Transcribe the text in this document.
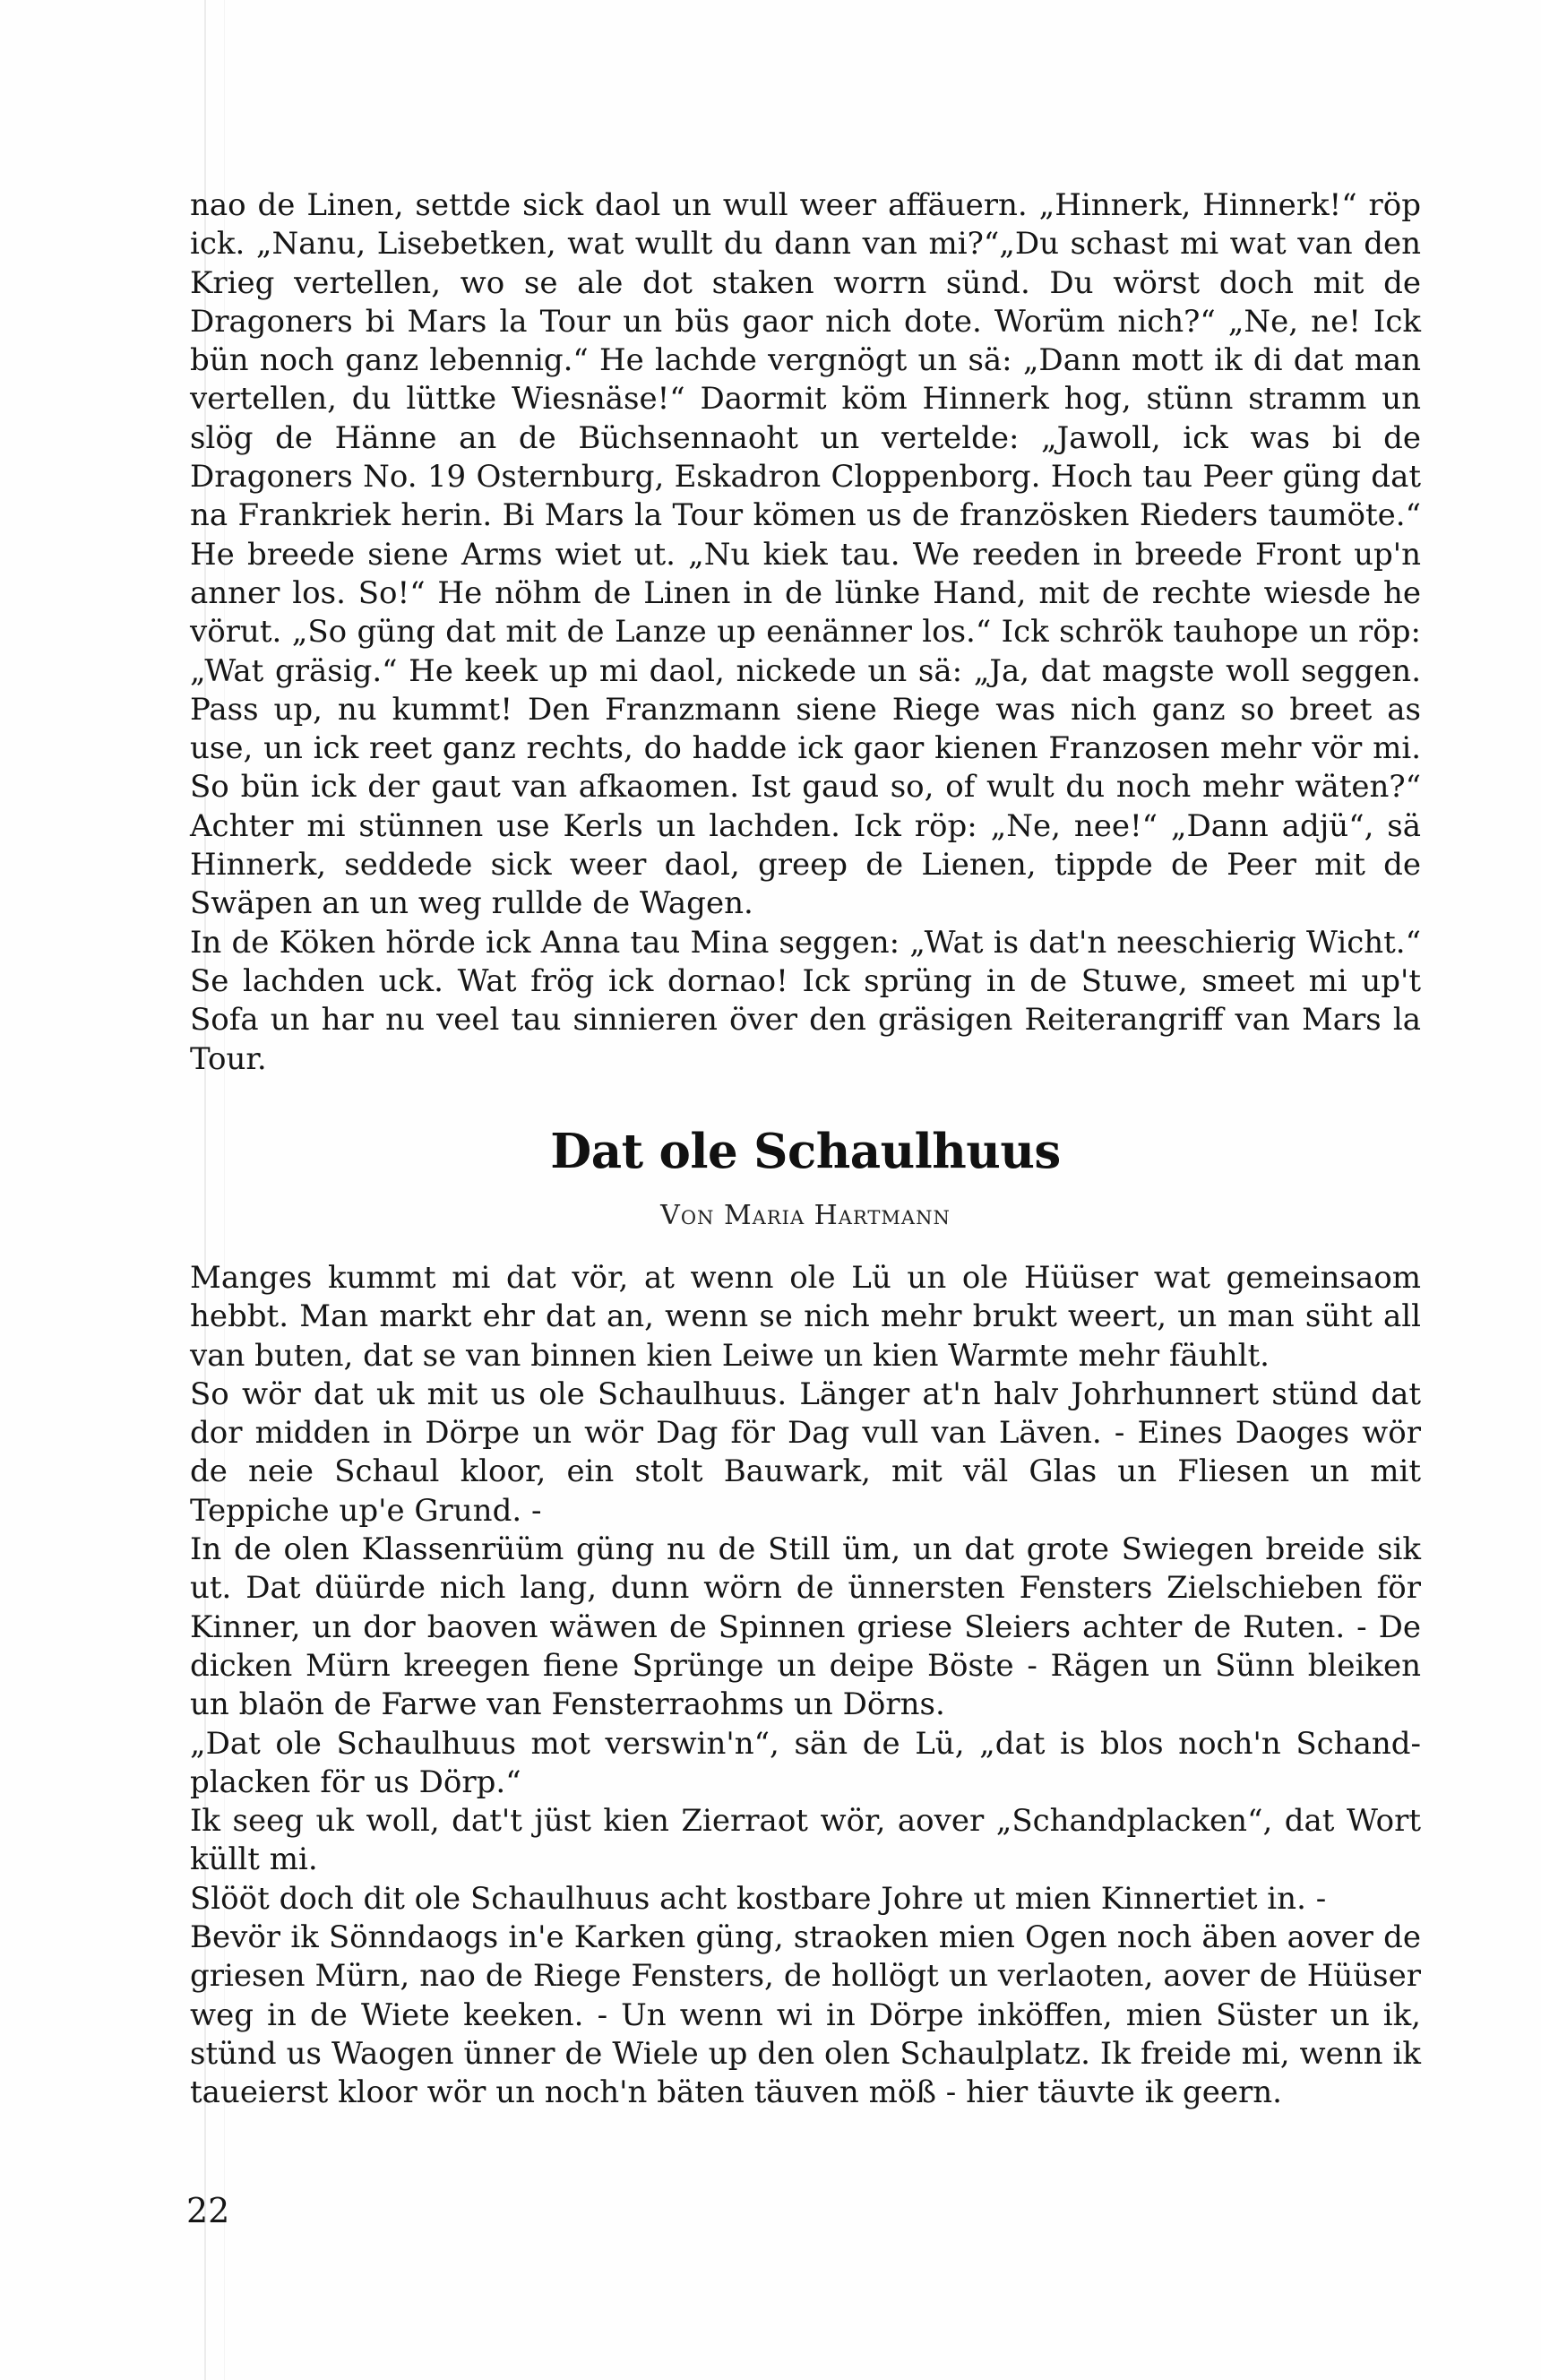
nao de Linen, settde sick daol un wull weer affäuern. „Hinnerk, Hinnerk!“ röp ick. „Nanu, Lisebetken, wat wullt du dann van mi?“„Du schast mi wat van den Krieg vertellen, wo se ale dot staken worrn sünd. Du wörst doch mit de Dragoners bi Mars la Tour un büs gaor nich dote. Worüm nich?“ „Ne, ne! Ick bün noch ganz lebennig.“ He lachde vergnögt un sä: „Dann mott ik di dat man vertellen, du lüttke Wiesnäse!“ Daormit köm Hinnerk hog, stünn stramm un slög de Hänne an de Büchsennaoht un vertelde: „Jawoll, ick was bi de Dragoners No. 19 Osternburg, Eskadron Cloppenborg. Hoch tau Peer güng dat na Frankriek herin. Bi Mars la Tour kömen us de französken Rieders taumöte.“ He breede siene Arms wiet ut. „Nu kiek tau. We reeden in breede Front up'n anner los. So!“ He nöhm de Linen in de lünke Hand, mit de rechte wiesde he vörut. „So güng dat mit de Lanze up eenänner los.“ Ick schrök tauhope un röp: „Wat gräsig.“ He keek up mi daol, nickede un sä: „Ja, dat magste woll seggen. Pass up, nu kummt! Den Franzmann siene Riege was nich ganz so breet as use, un ick reet ganz rechts, do hadde ick gaor kienen Franzosen mehr vör mi. So bün ick der gaut van afkaomen. Ist gaud so, of wult du noch mehr wäten?“ Achter mi stünnen use Kerls un lachden. Ick röp: „Ne, nee!“ „Dann adjü“, sä Hinnerk, seddede sick weer daol, greep de Lienen, tippde de Peer mit de Swäpen an un weg rullde de Wagen.

In de Köken hörde ick Anna tau Mina seggen: „Wat is dat'n neeschierig Wicht.“ Se lachden uck. Wat frög ick dornao! Ick sprüng in de Stuwe, smeet mi up't Sofa un har nu veel tau sinnieren över den gräsigen Reiterangriff van Mars la Tour.

Dat ole Schaulhuus
Von Maria Hartmann

Manges kummt mi dat vör, at wenn ole Lü un ole Hüüser wat gemeinsaom hebbt. Man markt ehr dat an, wenn se nich mehr brukt weert, un man süht all van buten, dat se van binnen kien Leiwe un kien Warmte mehr fäuhlt.

So wör dat uk mit us ole Schaulhuus. Länger at'n halv Johrhunnert stünd dat dor midden in Dörpe un wör Dag för Dag vull van Läven. - Eines Daoges wör de neie Schaul kloor, ein stolt Bauwark, mit väl Glas un Fliesen un mit Teppiche up'e Grund. -

In de olen Klassenrüüm güng nu de Still üm, un dat grote Swiegen breide sik ut. Dat düürde nich lang, dunn wörn de ünnersten Fensters Zielschieben för Kinner, un dor baoven wäwen de Spinnen griese Sleiers achter de Ruten. - De dicken Mürn kreegen fiene Sprünge un deipe Böste - Rägen un Sünn bleiken un blaön de Farwe van Fensterraohms un Dörns.

„Dat ole Schaulhuus mot verswin'n“, sän de Lü, „dat is blos noch'n Schandplacken för us Dörp.“

Ik seeg uk woll, dat't jüst kien Zierraot wör, aover „Schandplacken“, dat Wort küllt mi.

Slööt doch dit ole Schaulhuus acht kostbare Johre ut mien Kinnertiet in. -

Bevör ik Sönndaogs in'e Karken güng, straoken mien Ogen noch äben aover de griesen Mürn, nao de Riege Fensters, de hollögt un verlaoten, aover de Hüüser weg in de Wiete keeken. - Un wenn wi in Dörpe inköffen, mien Süster un ik, stünd us Waogen ünner de Wiele up den olen Schaulplatz. Ik freide mi, wenn ik taueierst kloor wör un noch'n bäten täuven möß - hier täuvte ik geern.

22
